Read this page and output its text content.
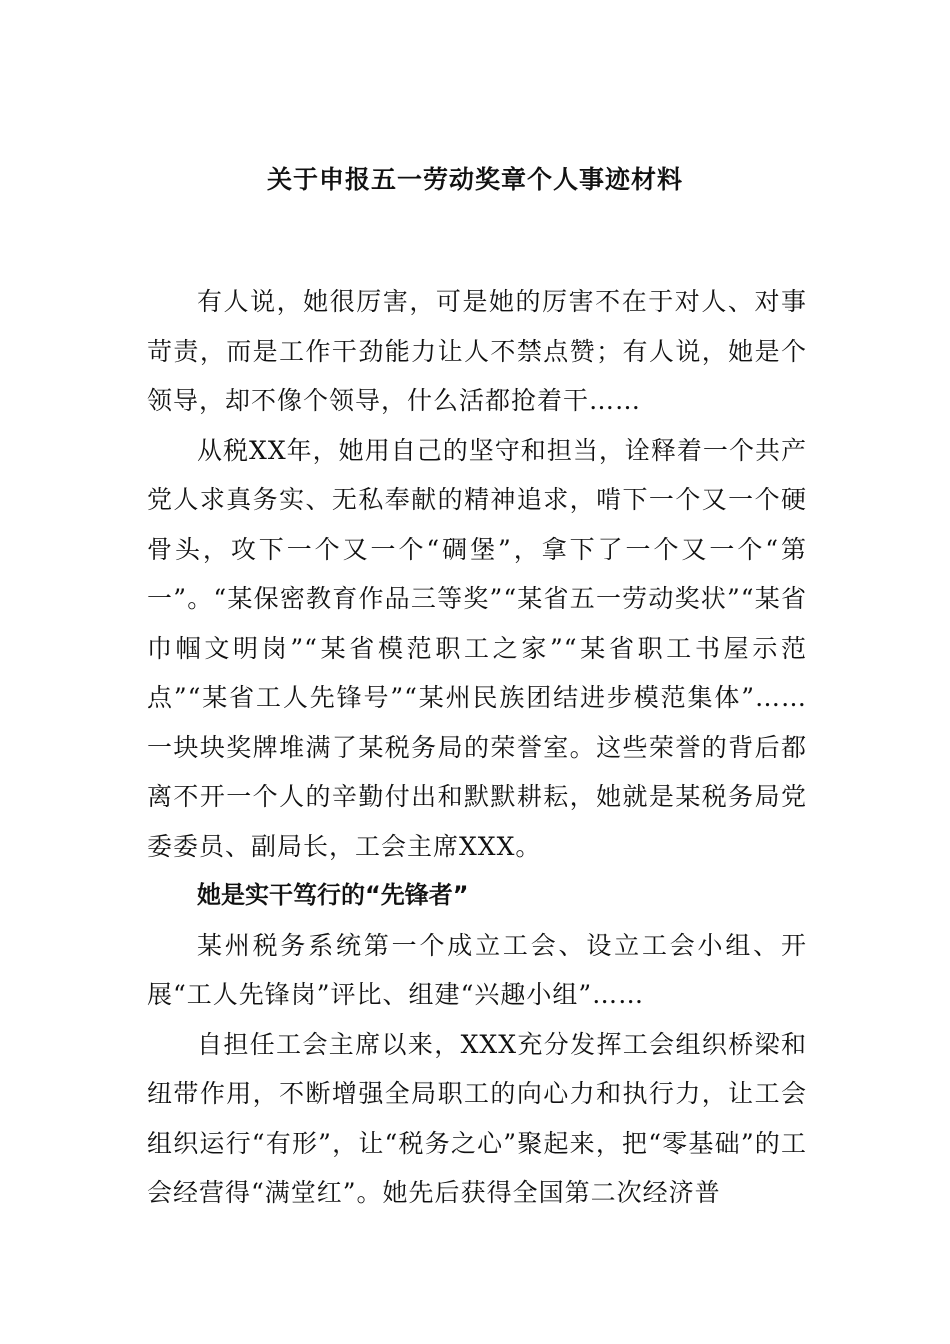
关于申报五一劳动奖章个人事迹材料

有人说，她很厉害，可是她的厉害不在于对人、对事苛责，而是工作干劲能力让人不禁点赞；有人说，她是个领导，却不像个领导，什么活都抢着干……

从税XX年，她用自己的坚守和担当，诠释着一个共产党人求真务实、无私奉献的精神追求，啃下一个又一个硬骨头，攻下一个又一个“碉堡”，拿下了一个又一个“第一”。“某保密教育作品三等奖”“某省五一劳动奖状”“某省巾帼文明岗”“某省模范职工之家”“某省职工书屋示范点”“某省工人先锋号”“某州民族团结进步模范集体”……一块块奖牌堆满了某税务局的荣誉室。这些荣誉的背后都离不开一个人的辛勤付出和默默耕耘，她就是某税务局党委委员、副局长，工会主席XXX。

她是实干笃行的“先锋者”

某州税务系统第一个成立工会、设立工会小组、开展“工人先锋岗”评比、组建“兴趣小组”……

自担任工会主席以来，XXX充分发挥工会组织桥梁和纽带作用，不断增强全局职工的向心力和执行力，让工会组织运行“有形”，让“税务之心”聚起来，把“零基础”的工会经营得“满堂红”。她先后获得全国第二次经济普
